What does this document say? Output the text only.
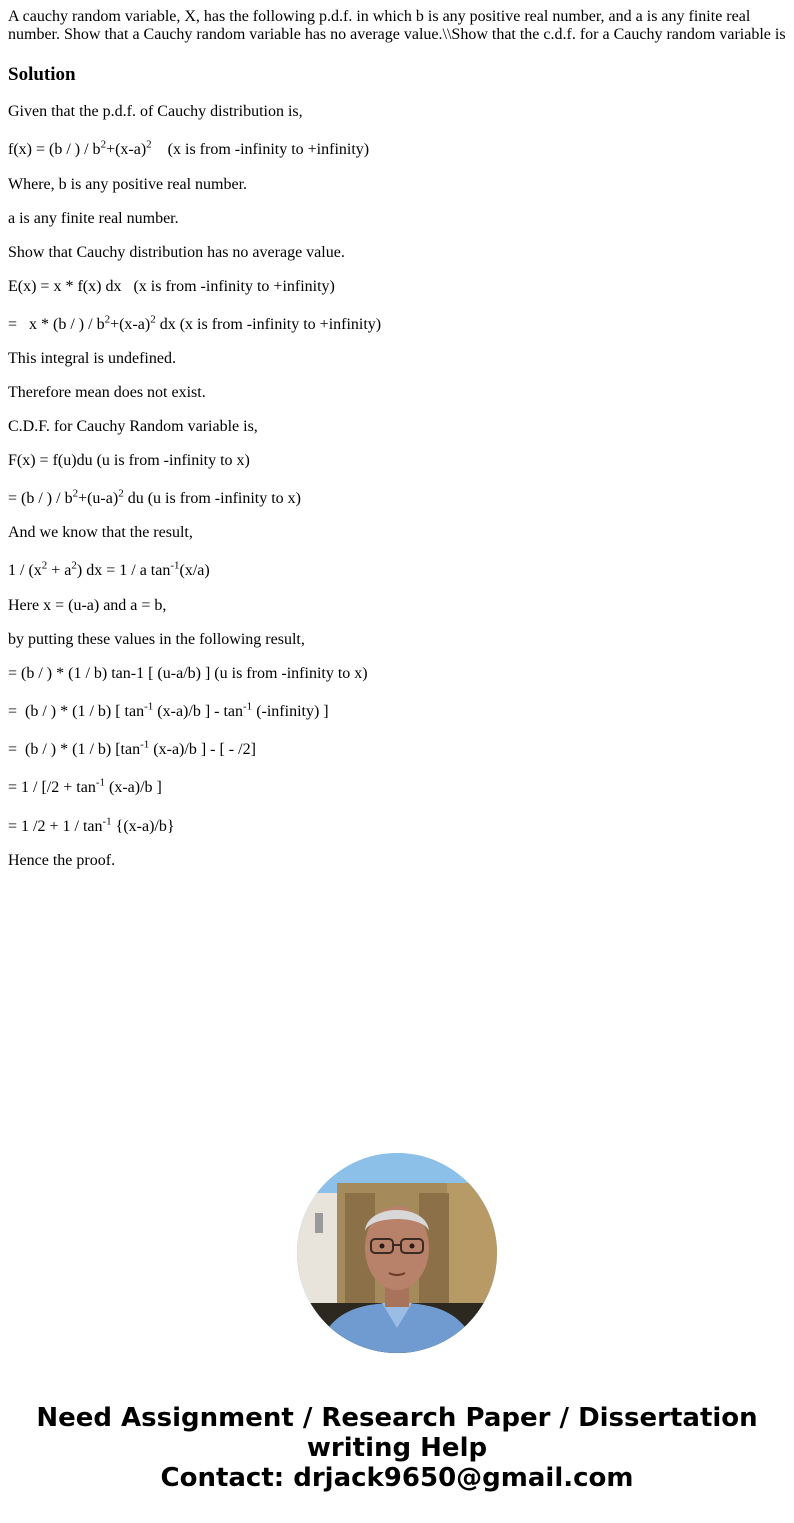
A cauchy random variable, X, has the following p.d.f. in which b is any positive real number, and a is any finite real number. Show that a Cauchy random variable has no average value.\\Show that the c.d.f. for a Cauchy random variable is
Solution
Given that the p.d.f. of Cauchy distribution is,
f(x) = (b / ) / $b^2+(x-a)^2$    (x is from -infinity to +infinity)
Where, b is any positive real number.
a is any finite real number.
Show that Cauchy distribution has no average value.
E(x) = x * f(x) dx   (x is from -infinity to +infinity)
=   x * (b / ) / $b^2+(x-a)^2$ dx (x is from -infinity to +infinity)
This integral is undefined.
Therefore mean does not exist.
C.D.F. for Cauchy Random variable is,
F(x) = f(u)du (u is from -infinity to x)
= (b / ) / $b^2+(u-a)^2$ du (u is from -infinity to x)
And we know that the result,
$1 / (x^2 + a^2)$ dx = 1 / a $\tan^{-1}(x/a)$
Here x = (u-a) and a = b,
by putting these values in the following result,
= (b / ) * (1 / b) tan-1 [ (u-a/b) ] (u is from -infinity to x)
=  (b / ) * (1 / b) [ $\tan^{-1} (x-a)/b$ ] - $\tan^{-1}$ (-infinity) ]
=  (b / ) * (1 / b) [$\tan^{-1}$ (x-a)/b ] - [ - /2]
= $1 / [/2 + \tan^{-1} (x-a)/b$ ]
= 1 $/2 + 1 / \tan^{-1} \{(x-a)/b\}$
Hence the proof.
Need Assignment / Research Paper / Dissertation
writing Help
Contact: drjack9650@gmail.com
